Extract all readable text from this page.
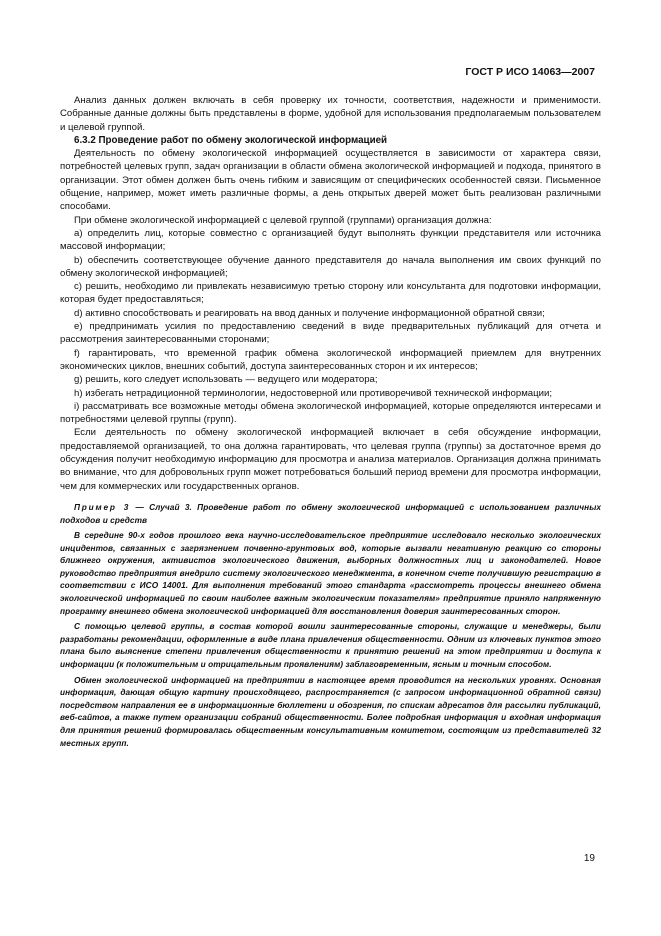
ГОСТ Р ИСО 14063—2007

Анализ данных должен включать в себя проверку их точности, соответствия, надежности и применимости. Собранные данные должны быть представлены в форме, удобной для использования предполагаемым пользователем и целевой группой.

6.3.2 Проведение работ по обмену экологической информацией

Деятельность по обмену экологической информацией осуществляется в зависимости от характера связи, потребностей целевых групп, задач организации в области обмена экологической информацией и подхода, принятого в организации. Этот обмен должен быть очень гибким и зависящим от специфических особенностей связи. Письменное общение, например, может иметь различные формы, а день открытых дверей может быть реализован различными способами.

При обмене экологической информацией с целевой группой (группами) организация должна:

a) определить лиц, которые совместно с организацией будут выполнять функции представителя или источника массовой информации;

b) обеспечить соответствующее обучение данного представителя до начала выполнения им своих функций по обмену экологической информацией;

c) решить, необходимо ли привлекать независимую третью сторону или консультанта для подготовки информации, которая будет предоставляться;

d) активно способствовать и реагировать на ввод данных и получение информационной обратной связи;

e) предпринимать усилия по предоставлению сведений в виде предварительных публикаций для отчета и рассмотрения заинтересованными сторонами;

f) гарантировать, что временной график обмена экологической информацией приемлем для внутренних экономических циклов, внешних событий, доступа заинтересованных сторон и их интересов;

g) решить, кого следует использовать — ведущего или модератора;

h) избегать нетрадиционной терминологии, недостоверной или противоречивой технической информации;

i) рассматривать все возможные методы обмена экологической информацией, которые определяются интересами и потребностями целевой группы (групп).

Если деятельность по обмену экологической информацией включает в себя обсуждение информации, предоставляемой организацией, то она должна гарантировать, что целевая группа (группы) за достаточное время до обсуждения получит необходимую информацию для просмотра и анализа материалов. Организация должна принимать во внимание, что для добровольных групп может потребоваться больший период времени для просмотра информации, чем для коммерческих или государственных органов.

Пример 3 — Случай 3. Проведение работ по обмену экологической информацией с использованием различных подходов и средств

В середине 90-х годов прошлого века научно-исследовательское предприятие исследовало несколько экологических инцидентов, связанных с загрязнением почвенно-грунтовых вод, которые вызвали негативную реакцию со стороны ближнего окружения, активистов экологического движения, выборных должностных лиц и законодателей. Новое руководство предприятия внедрило систему экологического менеджмента, в конечном счете получившую регистрацию в соответствии с ИСО 14001. Для выполнения требований этого стандарта «рассмотреть процессы внешнего обмена экологической информацией по своим наиболее важным экологическим показателям» предприятие приняло напряженную программу внешнего обмена экологической информацией для восстановления доверия заинтересованных сторон.

С помощью целевой группы, в состав которой вошли заинтересованные стороны, служащие и менеджеры, были разработаны рекомендации, оформленные в виде плана привлечения общественности. Одним из ключевых пунктов этого плана было выяснение степени привлечения общественности к принятию решений на этом предприятии и доступа к информации (к положительным и отрицательным проявлениям) заблаговременным, ясным и точным способом.

Обмен экологической информацией на предприятии в настоящее время проводится на нескольких уровнях. Основная информация, дающая общую картину происходящего, распространяется (с запросом информационной обратной связи) посредством направления ее в информационные бюллетени и обозрения, по спискам адресатов для рассылки публикаций, веб-сайтов, а также путем организации собраний общественности. Более подробная информация и входная информация для принятия решений формировалась общественным консультативным комитетом, состоящим из представителей 32 местных групп.

19
